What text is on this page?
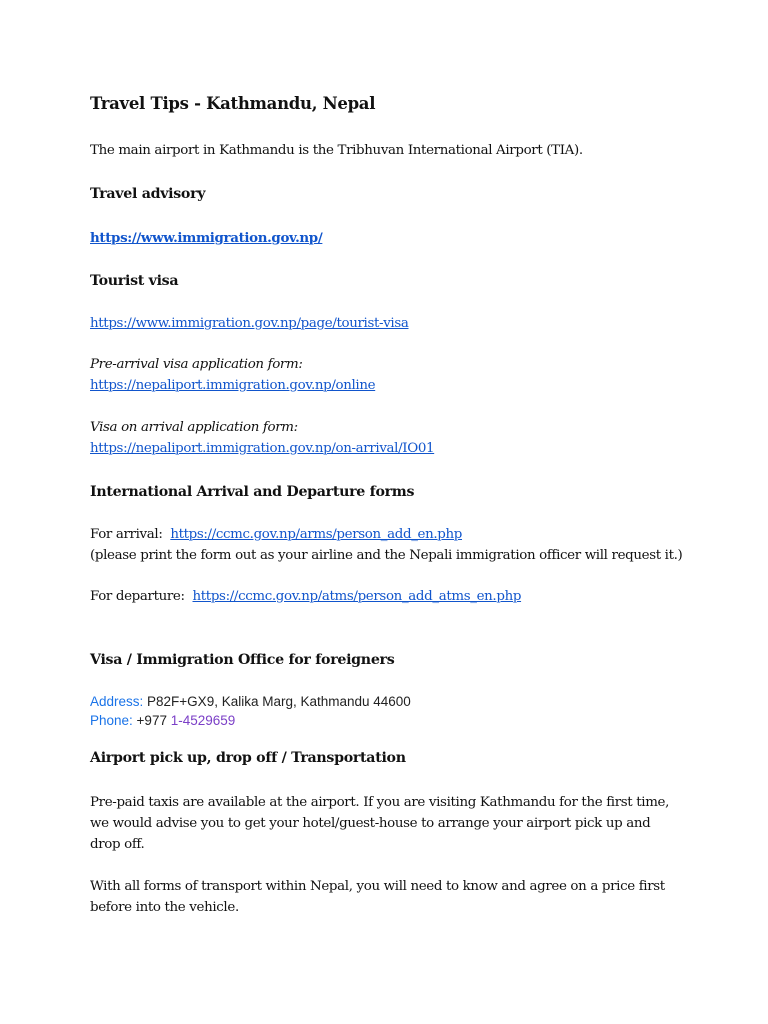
Travel Tips - Kathmandu, Nepal
The main airport in Kathmandu is the Tribhuvan International Airport (TIA).
Travel advisory
https://www.immigration.gov.np/
Tourist visa
https://www.immigration.gov.np/page/tourist-visa
Pre-arrival visa application form:
https://nepaliport.immigration.gov.np/online
Visa on arrival application form:
https://nepaliport.immigration.gov.np/on-arrival/IO01
International Arrival and Departure forms
For arrival:  https://ccmc.gov.np/arms/person_add_en.php
(please print the form out as your airline and the Nepali immigration officer will request it.)
For departure:  https://ccmc.gov.np/atms/person_add_atms_en.php
Visa / Immigration Office for foreigners
Address: P82F+GX9, Kalika Marg, Kathmandu 44600
Phone: +977 1-4529659
Airport pick up, drop off / Transportation
Pre-paid taxis are available at the airport. If you are visiting Kathmandu for the first time,
we would advise you to get your hotel/guest-house to arrange your airport pick up and
drop off.
With all forms of transport within Nepal, you will need to know and agree on a price first
before into the vehicle.
